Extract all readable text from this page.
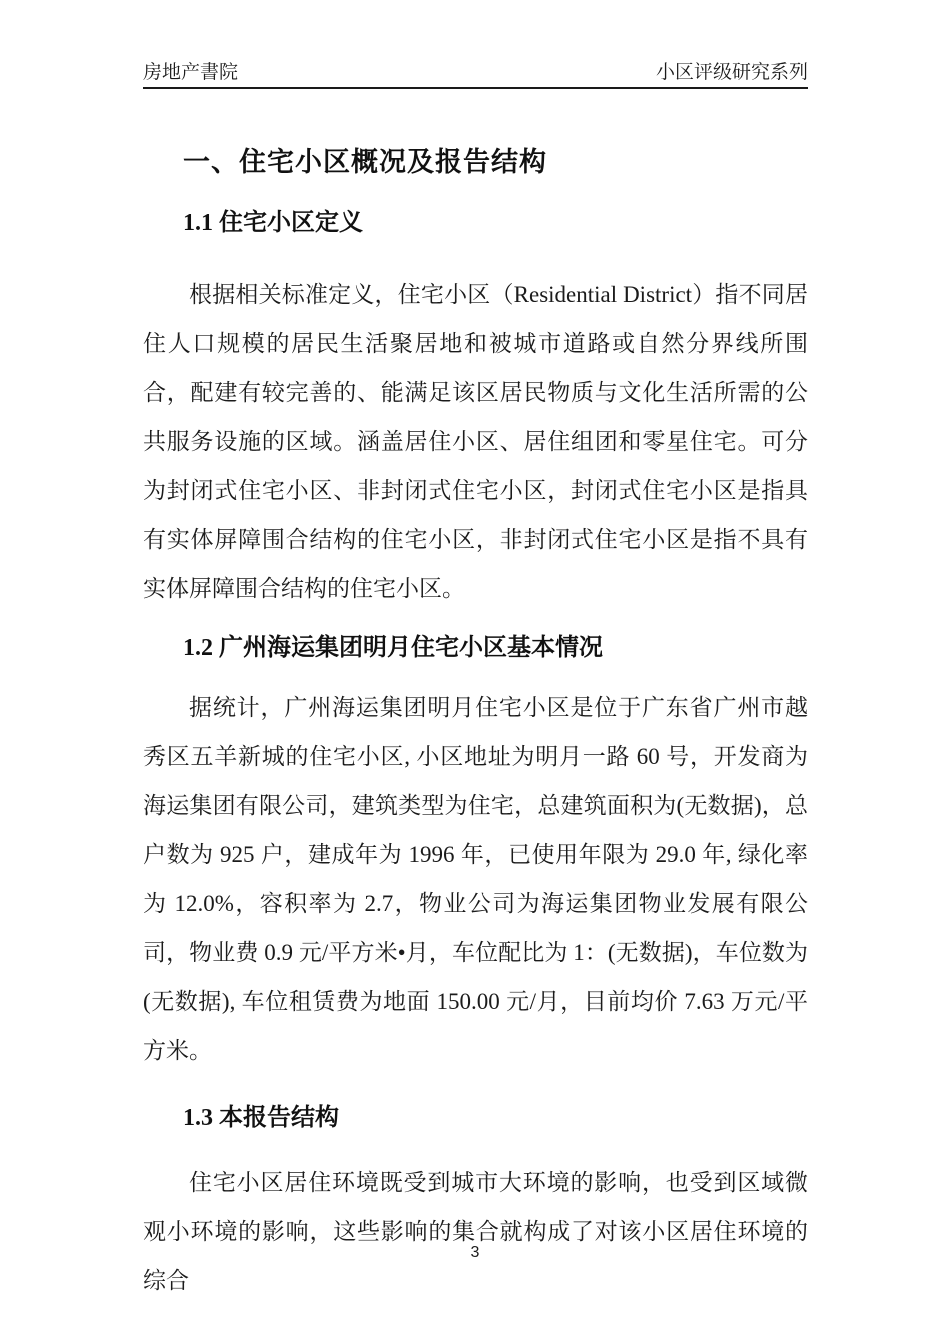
房地产書院	小区评级研究系列
一、住宅小区概况及报告结构
1.1 住宅小区定义

根据相关标准定义，住宅小区（Residential District）指不同居住人口规模的居民生活聚居地和被城市道路或自然分界线所围合，配建有较完善的、能满足该区居民物质与文化生活所需的公共服务设施的区域。涵盖居住小区、居住组团和零星住宅。可分为封闭式住宅小区、非封闭式住宅小区，封闭式住宅小区是指具有实体屏障围合结构的住宅小区，非封闭式住宅小区是指不具有实体屏障围合结构的住宅小区。

1.2 广州海运集团明月住宅小区基本情况

据统计，广州海运集团明月住宅小区是位于广东省广州市越秀区五羊新城的住宅小区, 小区地址为明月一路 60 号，开发商为海运集团有限公司，建筑类型为住宅，总建筑面积为(无数据)，总户数为 925 户，建成年为 1996 年，已使用年限为 29.0 年, 绿化率为 12.0%，容积率为 2.7，物业公司为海运集团物业发展有限公司，物业费 0.9 元/平方米•月，车位配比为 1：(无数据)，车位数为(无数据), 车位租赁费为地面 150.00 元/月，目前均价 7.63 万元/平方米。

1.3 本报告结构

住宅小区居住环境既受到城市大环境的影响，也受到区域微观小环境的影响，这些影响的集合就构成了对该小区居住环境的综合

3
